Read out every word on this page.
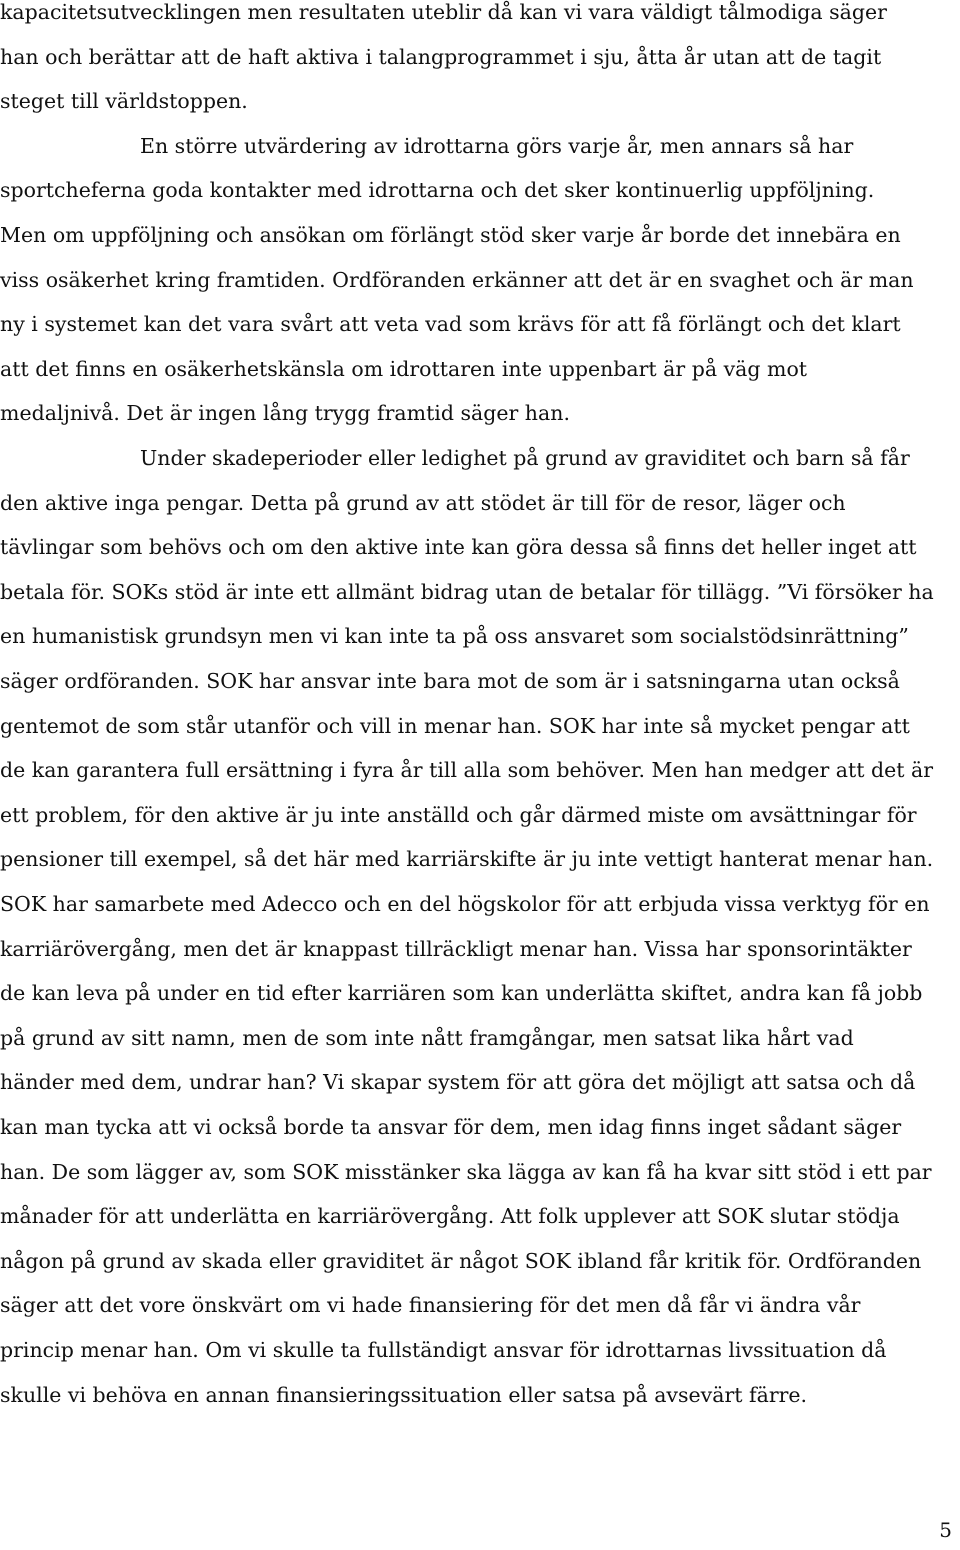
kapacitetsutvecklingen men resultaten uteblir då kan vi vara väldigt tålmodiga säger
han och berättar att de haft aktiva i talangprogrammet i sju, åtta år utan att de tagit
steget till världstoppen.
En större utvärdering av idrottarna görs varje år, men annars så har
sportcheferna goda kontakter med idrottarna och det sker kontinuerlig uppföljning.
Men om uppföljning och ansökan om förlängt stöd sker varje år borde det innebära en
viss osäkerhet kring framtiden. Ordföranden erkänner att det är en svaghet och är man
ny i systemet kan det vara svårt att veta vad som krävs för att få förlängt och det klart
att det finns en osäkerhetskänsla om idrottaren inte uppenbart är på väg mot
medaljnivå. Det är ingen lång trygg framtid säger han.
Under skadeperioder eller ledighet på grund av graviditet och barn så får
den aktive inga pengar. Detta på grund av att stödet är till för de resor, läger och
tävlingar som behövs och om den aktive inte kan göra dessa så finns det heller inget att
betala för. SOKs stöd är inte ett allmänt bidrag utan de betalar för tillägg. ”Vi försöker ha
en humanistisk grundsyn men vi kan inte ta på oss ansvaret som socialstödsinrättning”
säger ordföranden. SOK har ansvar inte bara mot de som är i satsningarna utan också
gentemot de som står utanför och vill in menar han. SOK har inte så mycket pengar att
de kan garantera full ersättning i fyra år till alla som behöver. Men han medger att det är
ett problem, för den aktive är ju inte anställd och går därmed miste om avsättningar för
pensioner till exempel, så det här med karriärskifte är ju inte vettigt hanterat menar han.
SOK har samarbete med Adecco och en del högskolor för att erbjuda vissa verktyg för en
karriärövergång, men det är knappast tillräckligt menar han. Vissa har sponsorintäkter
de kan leva på under en tid efter karriären som kan underlätta skiftet, andra kan få jobb
på grund av sitt namn, men de som inte nått framgångar, men satsat lika hårt vad
händer med dem, undrar han? Vi skapar system för att göra det möjligt att satsa och då
kan man tycka att vi också borde ta ansvar för dem, men idag finns inget sådant säger
han. De som lägger av, som SOK misstänker ska lägga av kan få ha kvar sitt stöd i ett par
månader för att underlätta en karriärövergång. Att folk upplever att SOK slutar stödja
någon på grund av skada eller graviditet är något SOK ibland får kritik för. Ordföranden
säger att det vore önskvärt om vi hade finansiering för det men då får vi ändra vår
princip menar han. Om vi skulle ta fullständigt ansvar för idrottarnas livssituation då
skulle vi behöva en annan finansieringssituation eller satsa på avsevärt färre.
5
